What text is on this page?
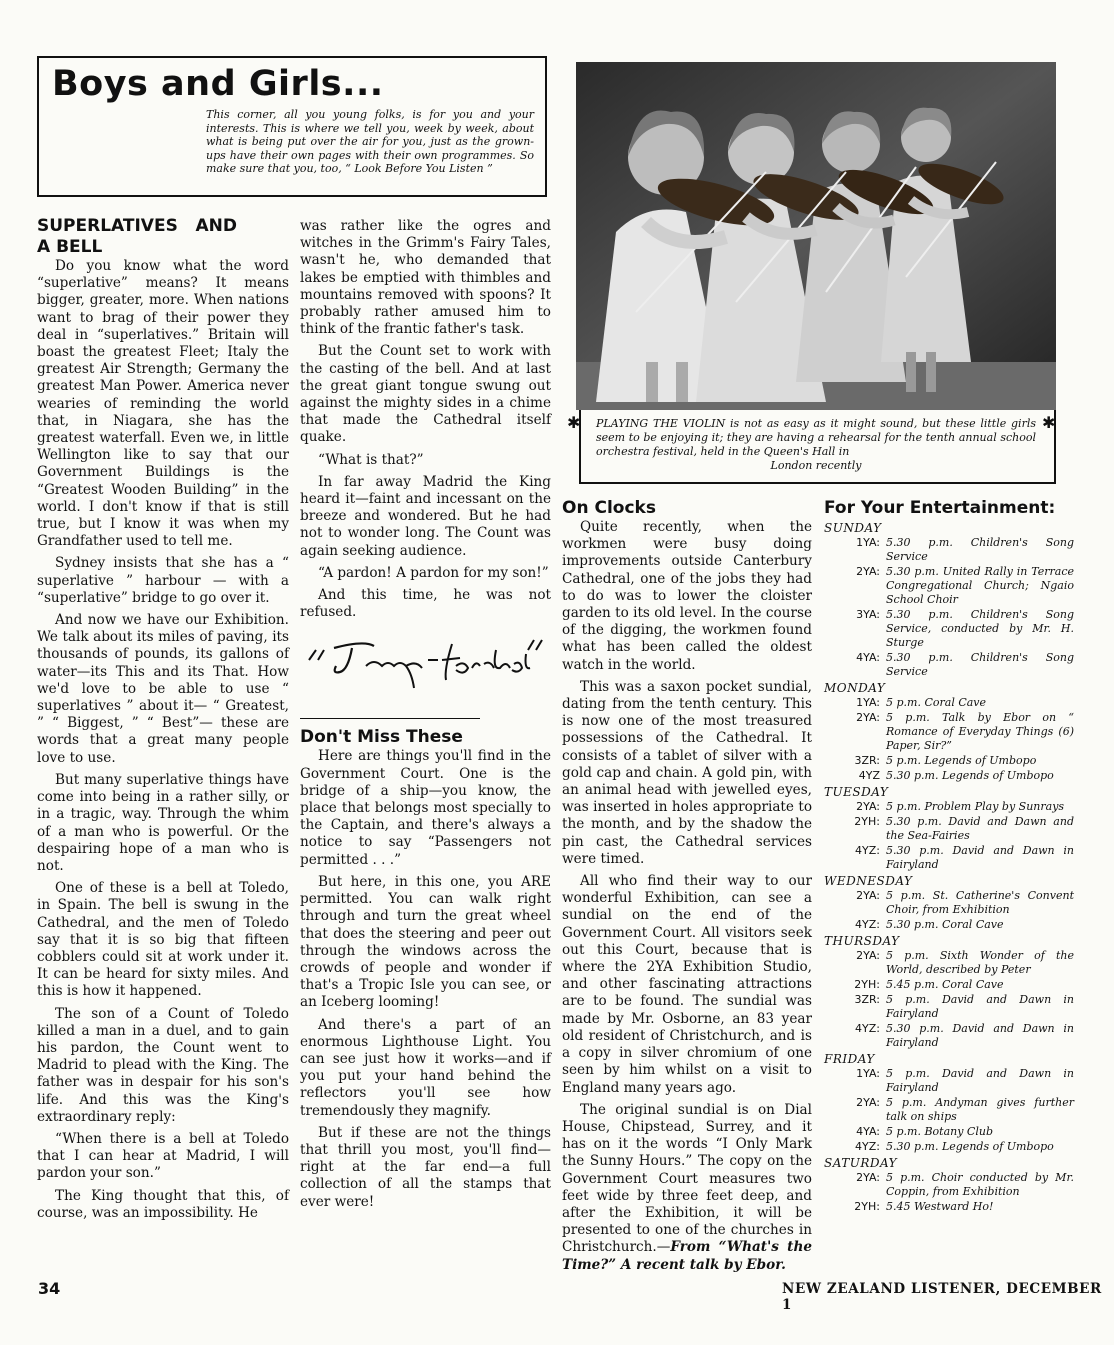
Boys and Girls...
This corner, all you young folks, is for you and your interests. This is where we tell you, week by week, about what is being put over the air for you, just as the grown-ups have their own pages with their own programmes. So make sure that you, too, “ Look Before You Listen ”
✱	✱
PLAYING THE VIOLIN is not as easy as it might sound, but these little girls seem to be enjoying it; they are having a rehearsal for the tenth annual school orchestra festival, held in the Queen's Hall in
London recently
SUPERLATIVES AND A BELL

Do you know what the word “superlative” means? It means bigger, greater, more. When nations want to brag of their power they deal in “superlatives.” Britain will boast the greatest Fleet; Italy the greatest Air Strength; Germany the greatest Man Power. America never wearies of reminding the world that, in Niagara, she has the greatest waterfall. Even we, in little Wellington like to say that our Government Buildings is the “Greatest Wooden Building” in the world. I don't know if that is still true, but I know it was when my Grandfather used to tell me.

Sydney insists that she has a “ superlative ” harbour — with a “superlative” bridge to go over it.

And now we have our Exhibition. We talk about its miles of paving, its thousands of pounds, its gallons of water—its This and its That. How we'd love to be able to use “ superlatives ” about it— “ Greatest, ” “ Biggest, ” “ Best”— these are words that a great many people love to use.

But many superlative things have come into being in a rather silly, or in a tragic, way. Through the whim of a man who is powerful. Or the despairing hope of a man who is not.

One of these is a bell at Toledo, in Spain. The bell is swung in the Cathedral, and the men of Toledo say that it is so big that fifteen cobblers could sit at work under it. It can be heard for sixty miles. And this is how it happened.

The son of a Count of Toledo killed a man in a duel, and to gain his pardon, the Count went to Madrid to plead with the King. The father was in despair for his son's life. And this was the King's extraordinary reply:

“When there is a bell at Toledo that I can hear at Madrid, I will pardon your son.”

The King thought that this, of course, was an impossibility. He

was rather like the ogres and witches in the Grimm's Fairy Tales, wasn't he, who demanded that lakes be emptied with thimbles and mountains removed with spoons? It probably rather amused him to think of the frantic father's task.

But the Count set to work with the casting of the bell. And at last the great giant tongue swung out against the mighty sides in a chime that made the Cathedral itself quake.

“What is that?”

In far away Madrid the King heard it—faint and incessant on the breeze and wondered. But he had not to wonder long. The Count was again seeking audience.

“A pardon! A pardon for my son!”

And this time, he was not refused.

Don't Miss These

Here are things you'll find in the Government Court. One is the bridge of a ship—you know, the place that belongs most specially to the Captain, and there's always a notice to say “Passengers not permitted . . .”

But here, in this one, you ARE permitted. You can walk right through and turn the great wheel that does the steering and peer out through the windows across the crowds of people and wonder if that's a Tropic Isle you can see, or an Iceberg looming!

And there's a part of an enormous Lighthouse Light. You can see just how it works—and if you put your hand behind the reflectors you'll see how tremendously they magnify.

But if these are not the things that thrill you most, you'll find—right at the far end—a full collection of all the stamps that ever were!

On Clocks

Quite recently, when the workmen were busy doing improvements outside Canterbury Cathedral, one of the jobs they had to do was to lower the cloister garden to its old level. In the course of the digging, the workmen found what has been called the oldest watch in the world.

This was a saxon pocket sundial, dating from the tenth century. This is now one of the most treasured possessions of the Cathedral. It consists of a tablet of silver with a gold cap and chain. A gold pin, with an animal head with jewelled eyes, was inserted in holes appropriate to the month, and by the shadow the pin cast, the Cathedral services were timed.

All who find their way to our wonderful Exhibition, can see a sundial on the end of the Government Court. All visitors seek out this Court, because that is where the 2YA Exhibition Studio, and other fascinating attractions are to be found. The sundial was made by Mr. Osborne, an 83 year old resident of Christchurch, and is a copy in silver chromium of one seen by him whilst on a visit to England many years ago.

The original sundial is on Dial House, Chipstead, Surrey, and it has on it the words “I Only Mark the Sunny Hours.” The copy on the Government Court measures two feet wide by three feet deep, and after the Exhibition, it will be presented to one of the churches in Christchurch.—From “What's the Time?” A recent talk by Ebor.

For Your Entertainment:
SUNDAY
1YA: 5.30 p.m. Children's Song Service
2YA: 5.30 p.m. United Rally in Terrace Congregational Church; Ngaio School Choir
3YA: 5.30 p.m. Children's Song Service, conducted by Mr. H. Sturge
4YA: 5.30 p.m. Children's Song Service
MONDAY
1YA: 5 p.m. Coral Cave
2YA: 5 p.m. Talk by Ebor on “ Romance of Everyday Things (6) Paper, Sir?”
3ZR: 5 p.m. Legends of Umbopo
4YZ 5.30 p.m. Legends of Umbopo
TUESDAY
2YA: 5 p.m. Problem Play by Sunrays
2YH: 5.30 p.m. David and Dawn and the Sea-Fairies
4YZ: 5.30 p.m. David and Dawn in Fairyland
WEDNESDAY
2YA: 5 p.m. St. Catherine's Convent Choir, from Exhibition
4YZ: 5.30 p.m. Coral Cave
THURSDAY
2YA: 5 p.m. Sixth Wonder of the World, described by Peter
2YH: 5.45 p.m. Coral Cave
3ZR: 5 p.m. David and Dawn in Fairyland
4YZ: 5.30 p.m. David and Dawn in Fairyland
FRIDAY
1YA: 5 p.m. David and Dawn in Fairyland
2YA: 5 p.m. Andyman gives further talk on ships
4YA: 5 p.m. Botany Club
4YZ: 5.30 p.m. Legends of Umbopo
SATURDAY
2YA: 5 p.m. Choir conducted by Mr. Coppin, from Exhibition
2YH: 5.45 Westward Ho!
34	NEW ZEALAND LISTENER, DECEMBER 1
